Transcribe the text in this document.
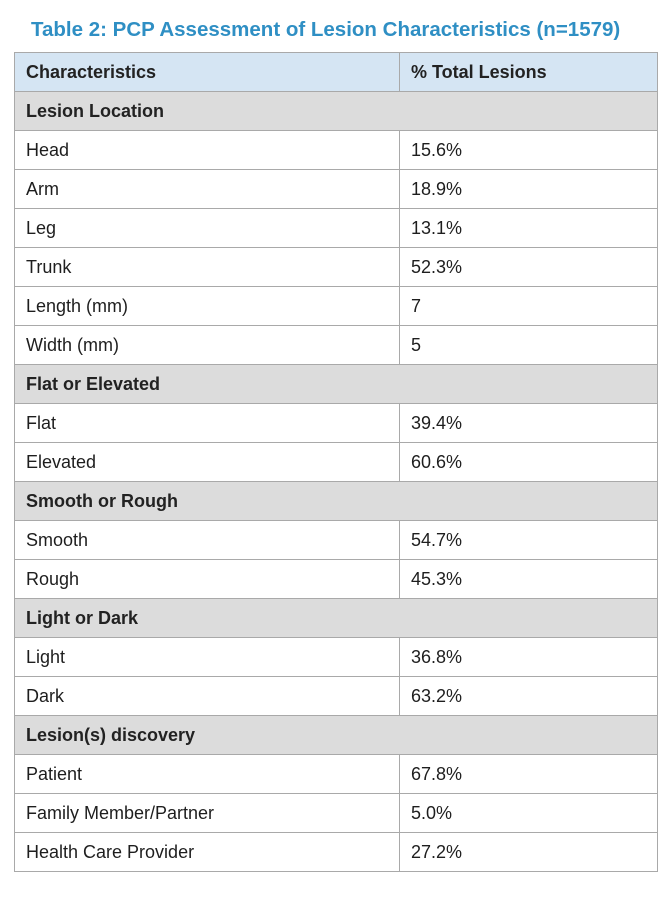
Table 2: PCP Assessment of Lesion Characteristics (n=1579)
Characteristics	% Total Lesions
Lesion Location	
Head	15.6%
Arm	18.9%
Leg	13.1%
Trunk	52.3%
Length (mm)	7
Width (mm)	5
Flat or Elevated	
Flat	39.4%
Elevated	60.6%
Smooth or Rough	
Smooth	54.7%
Rough	45.3%
Light or Dark	
Light	36.8%
Dark	63.2%
Lesion(s) discovery	
Patient	67.8%
Family Member/Partner	5.0%
Health Care Provider	27.2%
